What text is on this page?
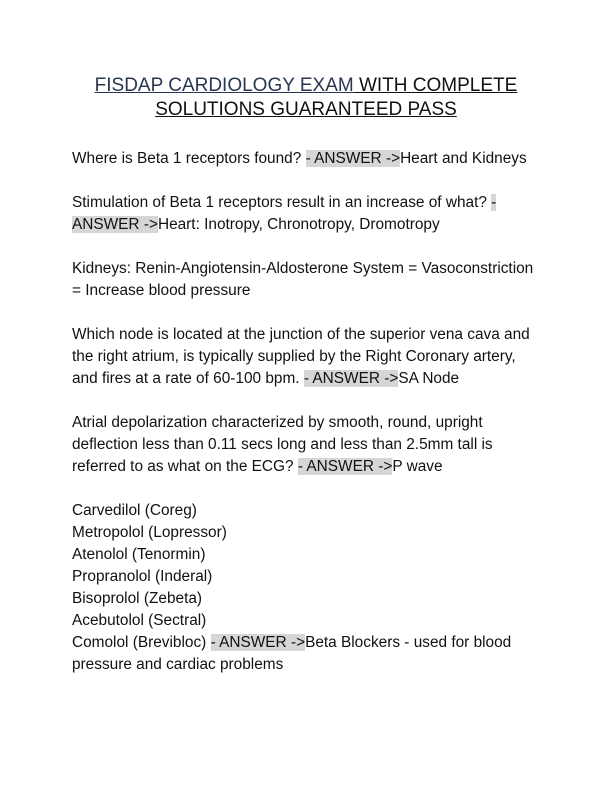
FISDAP CARDIOLOGY EXAM WITH COMPLETE
SOLUTIONS GUARANTEED PASS

Where is Beta 1 receptors found? - ANSWER ->Heart and Kidneys

Stimulation of Beta 1 receptors result in an increase of what? - ANSWER ->Heart: Inotropy, Chronotropy, Dromotropy

Kidneys: Renin-Angiotensin-Aldosterone System = Vasoconstriction = Increase blood pressure

Which node is located at the junction of the superior vena cava and the right atrium, is typically supplied by the Right Coronary artery, and fires at a rate of 60-100 bpm. - ANSWER ->SA Node

Atrial depolarization characterized by smooth, round, upright deflection less than 0.11 secs long and less than 2.5mm tall is referred to as what on the ECG? - ANSWER ->P wave

Carvedilol (Coreg)
Metropolol (Lopressor)
Atenolol (Tenormin)
Propranolol (Inderal)
Bisoprolol (Zebeta)
Acebutolol (Sectral)
Comolol (Brevibloc) - ANSWER ->Beta Blockers - used for blood pressure and cardiac problems
